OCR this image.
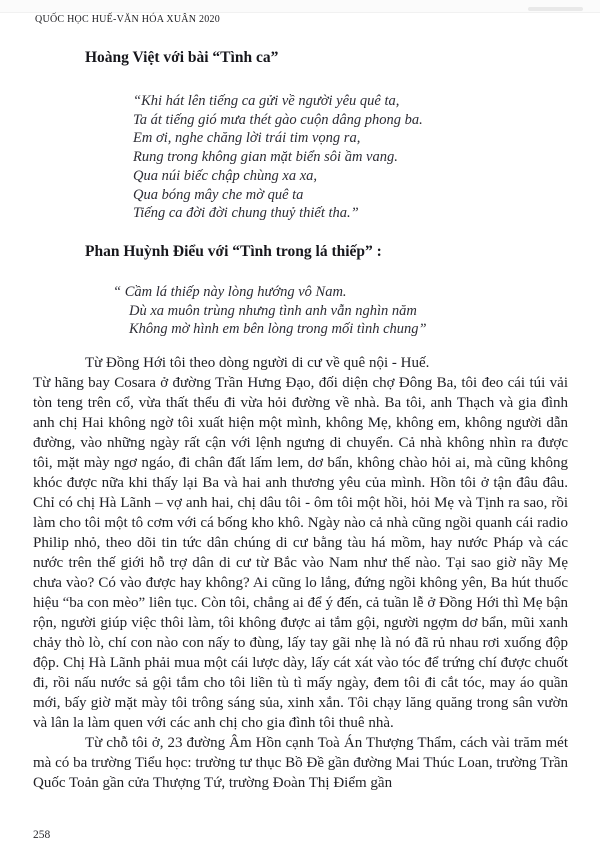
QUỐC HỌC HUẾ-VĂN HÓA XUÂN 2020
Hoàng Việt với bài “Tình ca”
“Khi hát lên tiếng ca gửi về người yêu quê ta,
Ta át tiếng gió mưa thét gào cuộn dâng phong ba.
Em ơi, nghe chăng lời trái tim vọng ra,
Rung trong không gian mặt biển sôi ầm vang.
Qua núi biếc chập chùng xa xa,
Qua bóng mây che mờ quê ta
Tiếng ca đời đời chung thuỷ thiết tha.”
Phan Huỳnh Điểu với “Tình trong lá thiếp” :
“ Cầm lá thiếp này lòng hướng vô Nam.
Dù xa muôn trùng nhưng tình anh vẫn nghìn năm
Không mờ hình em bên lòng trong mối tình chung”

Từ Đồng Hới tôi theo dòng người di cư về quê nội - Huế.

Từ hãng bay Cosara ở đường Trần Hưng Đạo, đối diện chợ Đông Ba, tôi đeo cái túi vải tòn teng trên cổ, vừa thất thểu đi vừa hỏi đường về nhà. Ba tôi, anh Thạch và gia đình anh chị Hai không ngờ tôi xuất hiện một mình, không Mẹ, không em, không người dẫn đường, vào những ngày rất cận với lệnh ngưng di chuyển. Cả nhà không nhìn ra được tôi, mặt mày ngơ ngáo, đi chân đất lấm lem, dơ bẩn, không chào hỏi ai, mà cũng không khóc được nữa khi thấy lại Ba và hai anh thương yêu của mình. Hồn tôi ở tận đâu đâu. Chỉ có chị Hà Lãnh – vợ anh hai, chị dâu tôi - ôm tôi một hồi, hỏi Mẹ và Tịnh ra sao, rồi làm cho tôi một tô cơm với cá bống kho khô. Ngày nào cả nhà cũng ngồi quanh cái radio Philip nhỏ, theo dõi tin tức dân chúng di cư bằng tàu há mồm, hay nước Pháp và các nước trên thế giới hỗ trợ dân di cư từ Bắc vào Nam như thế nào. Tại sao giờ nầy Mẹ chưa vào? Có vào được hay không? Ai cũng lo lắng, đứng ngồi không yên, Ba hút thuốc hiệu “ba con mèo” liên tục. Còn tôi, chẳng ai để ý đến, cả tuần lễ ở Đồng Hới thì Mẹ bận rộn, người giúp việc thôi làm, tôi không được ai tắm gội, người ngợm dơ bẩn, mũi xanh chảy thò lò, chí con nào con nấy to đùng, lấy tay gãi nhẹ là nó đã rủ nhau rơi xuống độp độp. Chị Hà Lãnh phải mua một cái lược dày, lấy cát xát vào tóc để trứng chí được chuốt đi, rồi nấu nước sả gội tắm cho tôi liền tù tì mấy ngày, đem tôi đi cắt tóc, may áo quần mới, bấy giờ mặt mày tôi trông sáng sủa, xinh xắn. Tôi chạy lăng quăng trong sân vườn và lân la làm quen với các anh chị cho gia đình tôi thuê nhà.

Từ chỗ tôi ở, 23 đường Âm Hồn cạnh Toà Án Thượng Thẩm, cách vài trăm mét mà có ba trường Tiểu học: trường tư thục Bồ Đề gần đường Mai Thúc Loan, trường Trần Quốc Toản gần cửa Thượng Tứ, trường Đoàn Thị Điểm gần

258
